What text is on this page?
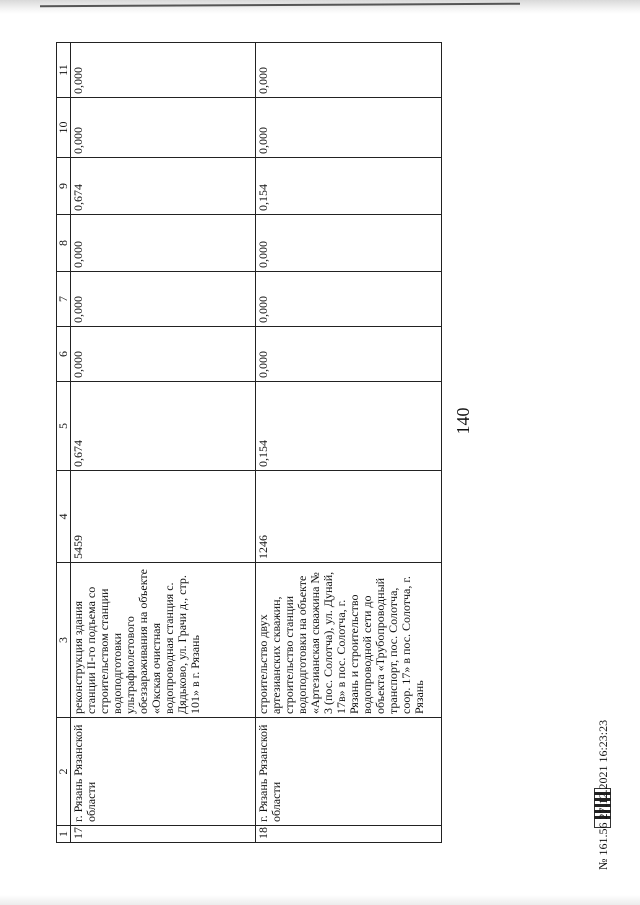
140
1	2	3	4	5	6	7	8	9	10	11
17	г. Рязань Рязанской области	реконструкция здания станции II-го подъема со строительством станции водоподготовки ультрафиолетового обеззараживания на объекте «Окская очистная водопроводная станция с. Дядьково, ул. Грачи д., стр. 101» в г. Рязань	5459	0,674	0,000	0,000	0,000	0,674	0,000	0,000
18	г. Рязань Рязанской области	строительство двух артезианских скважин, строительство станции водоподготовки на объекте «Артезианская скважина № 3 (пос. Солотча), ул. Дунай, 17в» в пос. Солотча, г. Рязань и строительство водопроводной сети до объекта «Трубопроводный транспорт, пос. Солотча, соор. 17» в пос. Солотча, г. Рязань	1246	0,154	0,000	0,000	0,000	0,154	0,000	0,000
№ 161.56 27.12.2021 16:23:23
